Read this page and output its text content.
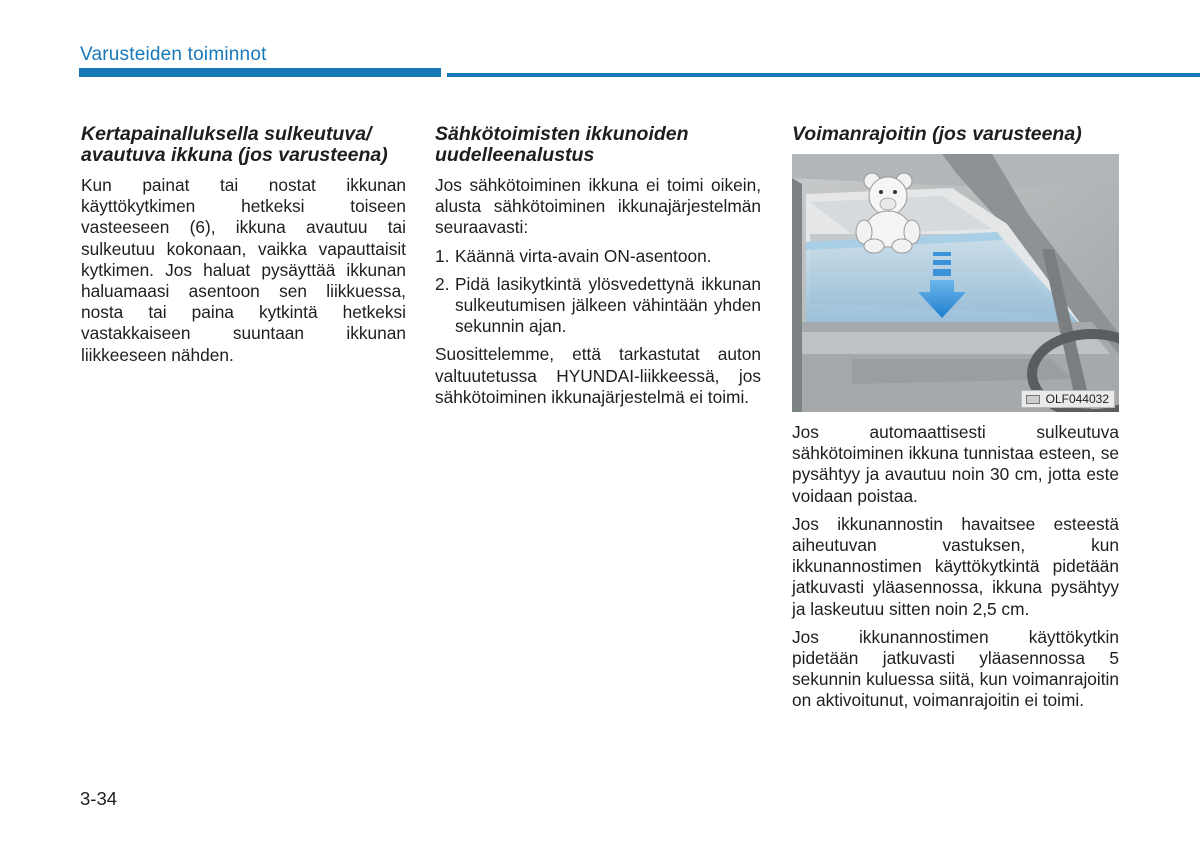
Varusteiden toiminnot
Kertapainalluksella sulkeutuva/ avautuva ikkuna (jos varusteena)

Kun painat tai nostat ikkunan käyttökytkimen hetkeksi toiseen vasteeseen (6), ikkuna avautuu tai sulkeutuu kokonaan, vaikka vapauttaisit kytkimen. Jos haluat pysäyttää ikkunan haluamaasi asentoon sen liikkuessa, nosta tai paina kytkintä hetkeksi vastakkaiseen suuntaan ikkunan liikkeeseen nähden.

Sähkötoimisten ikkunoiden uudelleenalustus

Jos sähkötoiminen ikkuna ei toimi oikein, alusta sähkötoiminen ikkunajärjestelmän seuraavasti:

1. Käännä virta-avain ON-asentoon.
2. Pidä lasikytkintä ylösvedettynä ikkunan sulkeutumisen jälkeen vähintään yhden sekunnin ajan.

Suosittelemme, että tarkastutat auton valtuutetussa HYUNDAI-liikkeessä, jos sähkötoiminen ikkunajärjestelmä ei toimi.

Voimanrajoitin (jos varusteena)
OLF044032

Jos automaattisesti sulkeutuva sähkötoiminen ikkuna tunnistaa esteen, se pysähtyy ja avautuu noin 30 cm, jotta este voidaan poistaa.

Jos ikkunannostin havaitsee esteestä aiheutuvan vastuksen, kun ikkunannostimen käyttökytkintä pidetään jatkuvasti yläasennossa, ikkuna pysähtyy ja laskeutuu sitten noin 2,5 cm.

Jos ikkunannostimen käyttökytkin pidetään jatkuvasti yläasennossa 5 sekunnin kuluessa siitä, kun voimanrajoitin on aktivoitunut, voimanrajoitin ei toimi.

3-34
